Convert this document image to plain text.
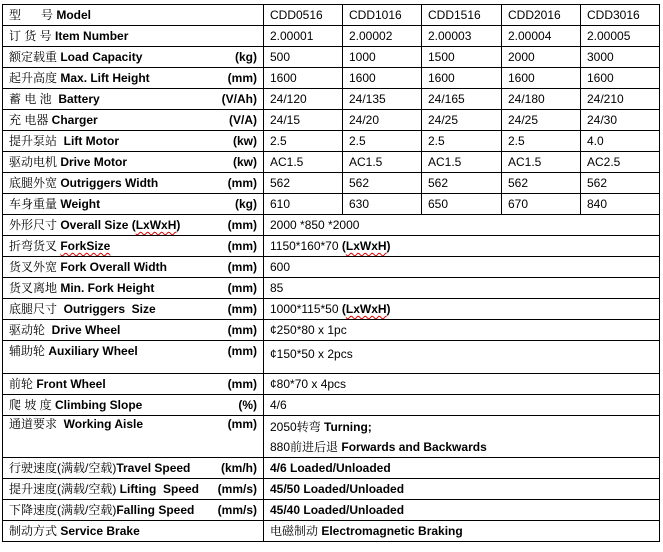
型      号 Model	CDD0516	CDD1016	CDD1516	CDD2016	CDD3016

订 货 号 Item Number	2.00001	2.00002	2.00003	2.00004	2.00005

额定载重 Load Capacity (kg)	500	1000	1500	2000	3000

起升高度 Max. Lift Height (mm)	1600	1600	1600	1600	1600

蓄 电 池  Battery (V/Ah)	24/120	24/135	24/165	24/180	24/210

充 电器 Charger (V/A)	24/15	24/20	24/25	24/25	24/30

提升泵站  Lift Motor (kw)	2.5	2.5	2.5	2.5	4.0

驱动电机 Drive Motor (kw)	AC1.5	AC1.5	AC1.5	AC1.5	AC2.5

底腿外宽 Outriggers Width (mm)	562	562	562	562	562

车身重量 Weight (kg)	610	630	650	670	840

外形尺寸 Overall Size (LxWxH) (mm)	2000 *850 *2000				

折弯货叉 ForkSize (mm)	1150*160*70 (LxWxH)				

货叉外宽 Fork Overall Width (mm)	600				

货叉离地 Min. Fork Height (mm)	85				

底腿尺寸  Outriggers  Size (mm)	1000*115*50 (LxWxH)				

驱动轮  Drive Wheel (mm)	¢250*80 x 1pc				

辅助轮 Auxiliary Wheel (mm)	¢150*50 x 2pcs				

前轮 Front Wheel (mm)	¢80*70 x 4pcs				

爬 坡 度 Climbing Slope (%)	4/6				

通道要求  Working Aisle	(mm)	2050转弯 Turning;
880前进后退 Forwards and Backwards

行驶速度(满载/空载)Travel Speed (km/h)	4/6 Loaded/Unloaded				

提升速度(满载/空载) Lifting  Speed (mm/s)	45/50 Loaded/Unloaded				

下降速度(满载/空载)Falling Speed (mm/s)	45/40 Loaded/Unloaded				

制动方式 Service Brake	电磁制动 Electromagnetic Braking				
